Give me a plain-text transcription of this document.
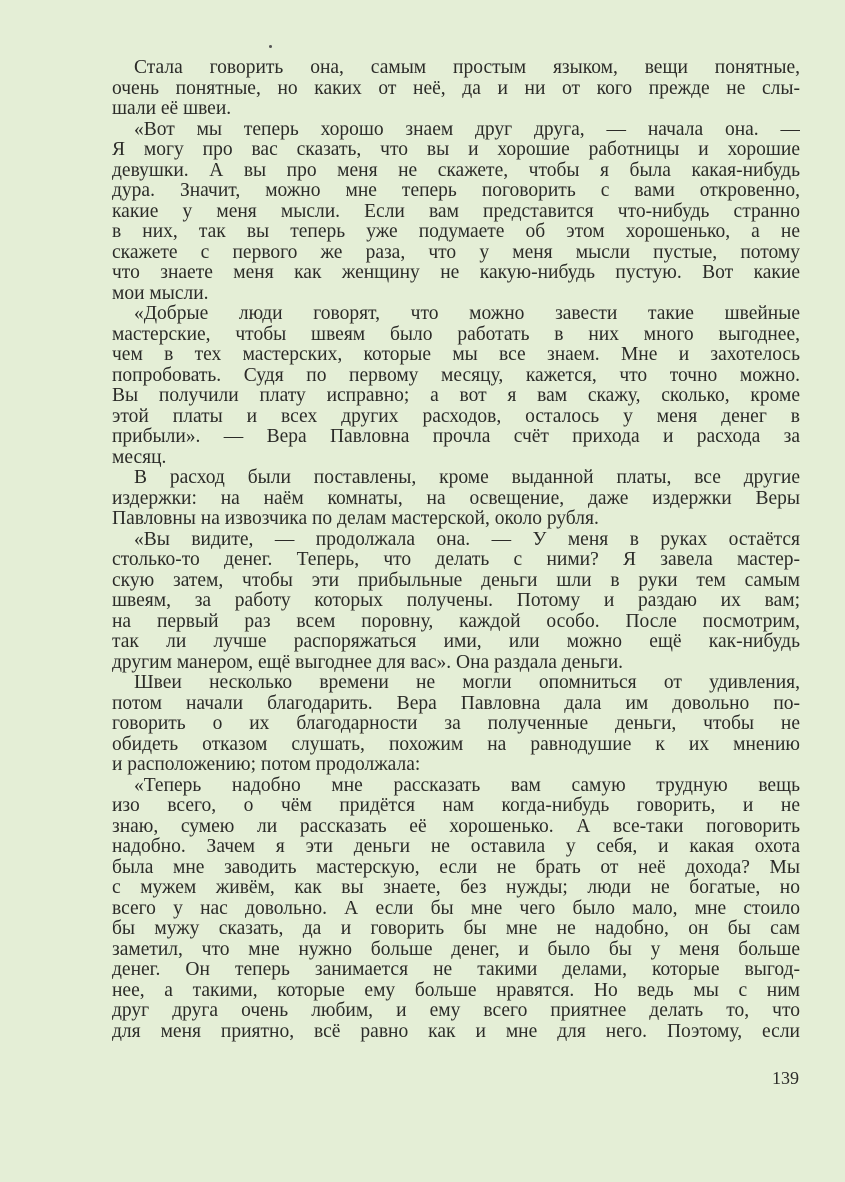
Стала говорить она, самым простым языком, вещи понятные,
очень понятные, но каких от неё, да и ни от кого прежде не слы-
шали её швеи.
«Вот мы теперь хорошо знаем друг друга, — начала она. —
Я могу про вас сказать, что вы и хорошие работницы и хорошие
девушки. А вы про меня не скажете, чтобы я была какая-нибудь
дура. Значит, можно мне теперь поговорить с вами откровенно,
какие у меня мысли. Если вам представится что-нибудь странно
в них, так вы теперь уже подумаете об этом хорошенько, а не
скажете с первого же раза, что у меня мысли пустые, потому
что знаете меня как женщину не какую-нибудь пустую. Вот какие
мои мысли.
«Добрые люди говорят, что можно завести такие швейные
мастерские, чтобы швеям было работать в них много выгоднее,
чем в тех мастерских, которые мы все знаем. Мне и захотелось
попробовать. Судя по первому месяцу, кажется, что точно можно.
Вы получили плату исправно; а вот я вам скажу, сколько, кроме
этой платы и всех других расходов, осталось у меня денег в
прибыли». — Вера Павловна прочла счёт прихода и расхода за
месяц.
В расход были поставлены, кроме выданной платы, все другие
издержки: на наём комнаты, на освещение, даже издержки Веры
Павловны на извозчика по делам мастерской, около рубля.
«Вы видите, — продолжала она. — У меня в руках остаётся
столько-то денег. Теперь, что делать с ними? Я завела мастер-
скую затем, чтобы эти прибыльные деньги шли в руки тем самым
швеям, за работу которых получены. Потому и раздаю их вам;
на первый раз всем поровну, каждой особо. После посмотрим,
так ли лучше распоряжаться ими, или можно ещё как-нибудь
другим манером, ещё выгоднее для вас». Она раздала деньги.
Швеи несколько времени не могли опомниться от удивления,
потом начали благодарить. Вера Павловна дала им довольно по-
говорить о их благодарности за полученные деньги, чтобы не
обидеть отказом слушать, похожим на равнодушие к их мнению
и расположению; потом продолжала:
«Теперь надобно мне рассказать вам самую трудную вещь
изо всего, о чём придётся нам когда-нибудь говорить, и не
знаю, сумею ли рассказать её хорошенько. А все-таки поговорить
надобно. Зачем я эти деньги не оставила у себя, и какая охота
была мне заводить мастерскую, если не брать от неё дохода? Мы
с мужем живём, как вы знаете, без нужды; люди не богатые, но
всего у нас довольно. А если бы мне чего было мало, мне стоило
бы мужу сказать, да и говорить бы мне не надобно, он бы сам
заметил, что мне нужно больше денег, и было бы у меня больше
денег. Он теперь занимается не такими делами, которые выгод-
нее, а такими, которые ему больше нравятся. Но ведь мы с ним
друг друга очень любим, и ему всего приятнее делать то, что
для меня приятно, всё равно как и мне для него. Поэтому, если
139
